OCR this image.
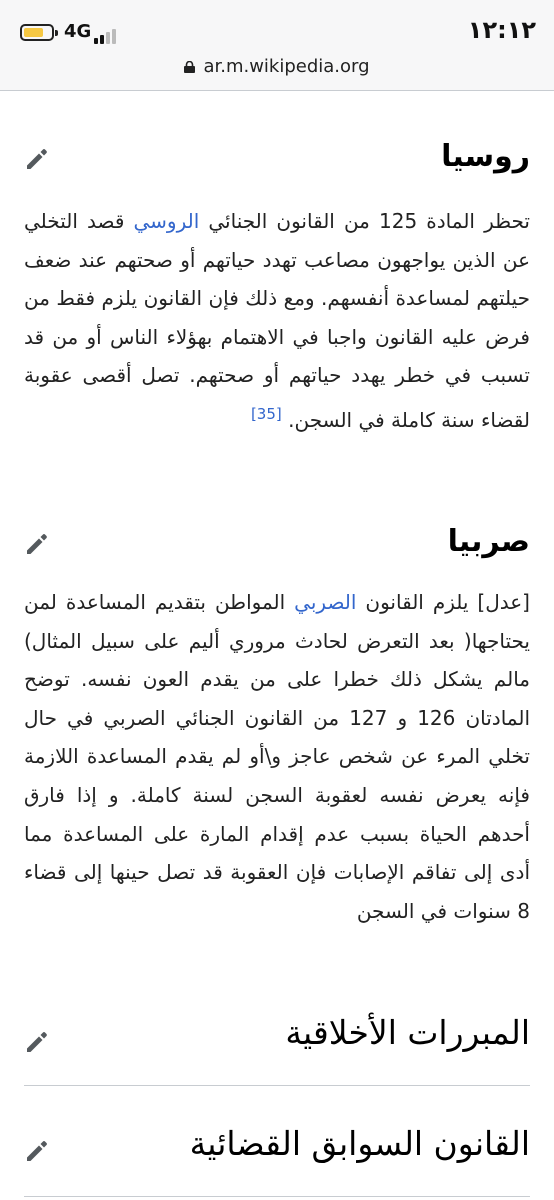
4G	١٢:١٢
ar.m.wikipedia.org
روسيا
تحظر المادة 125 من القانون الجنائي الروسي قصد التخلي عن الذين يواجهون مصاعب تهدد حياتهم أو صحتهم عند ضعف حيلتهم لمساعدة أنفسهم. ومع ذلك فإن القانون يلزم فقط من فرض عليه القانون واجبا في الاهتمام بهؤلاء الناس أو من قد تسبب في خطر يهدد حياتهم أو صحتهم. تصل أقصى عقوبة لقضاء سنة كاملة في السجن. [35]
صربيا
[عدل] يلزم القانون الصربي المواطن بتقديم المساعدة لمن يحتاجها( بعد التعرض لحادث مروري أليم على سبيل المثال) مالم يشكل ذلك خطرا على من يقدم العون نفسه. توضح المادتان 126 و 127 من القانون الجنائي الصربي في حال تخلي المرء عن شخص عاجز و\أو لم يقدم المساعدة اللازمة فإنه يعرض نفسه لعقوبة السجن لسنة كاملة. و إذا فارق أحدهم الحياة بسبب عدم إقدام المارة على المساعدة مما أدى إلى تفاقم الإصابات فإن العقوبة قد تصل حينها إلى قضاء 8 سنوات في السجن
المبررات الأخلاقية
القانون السوابق القضائية
